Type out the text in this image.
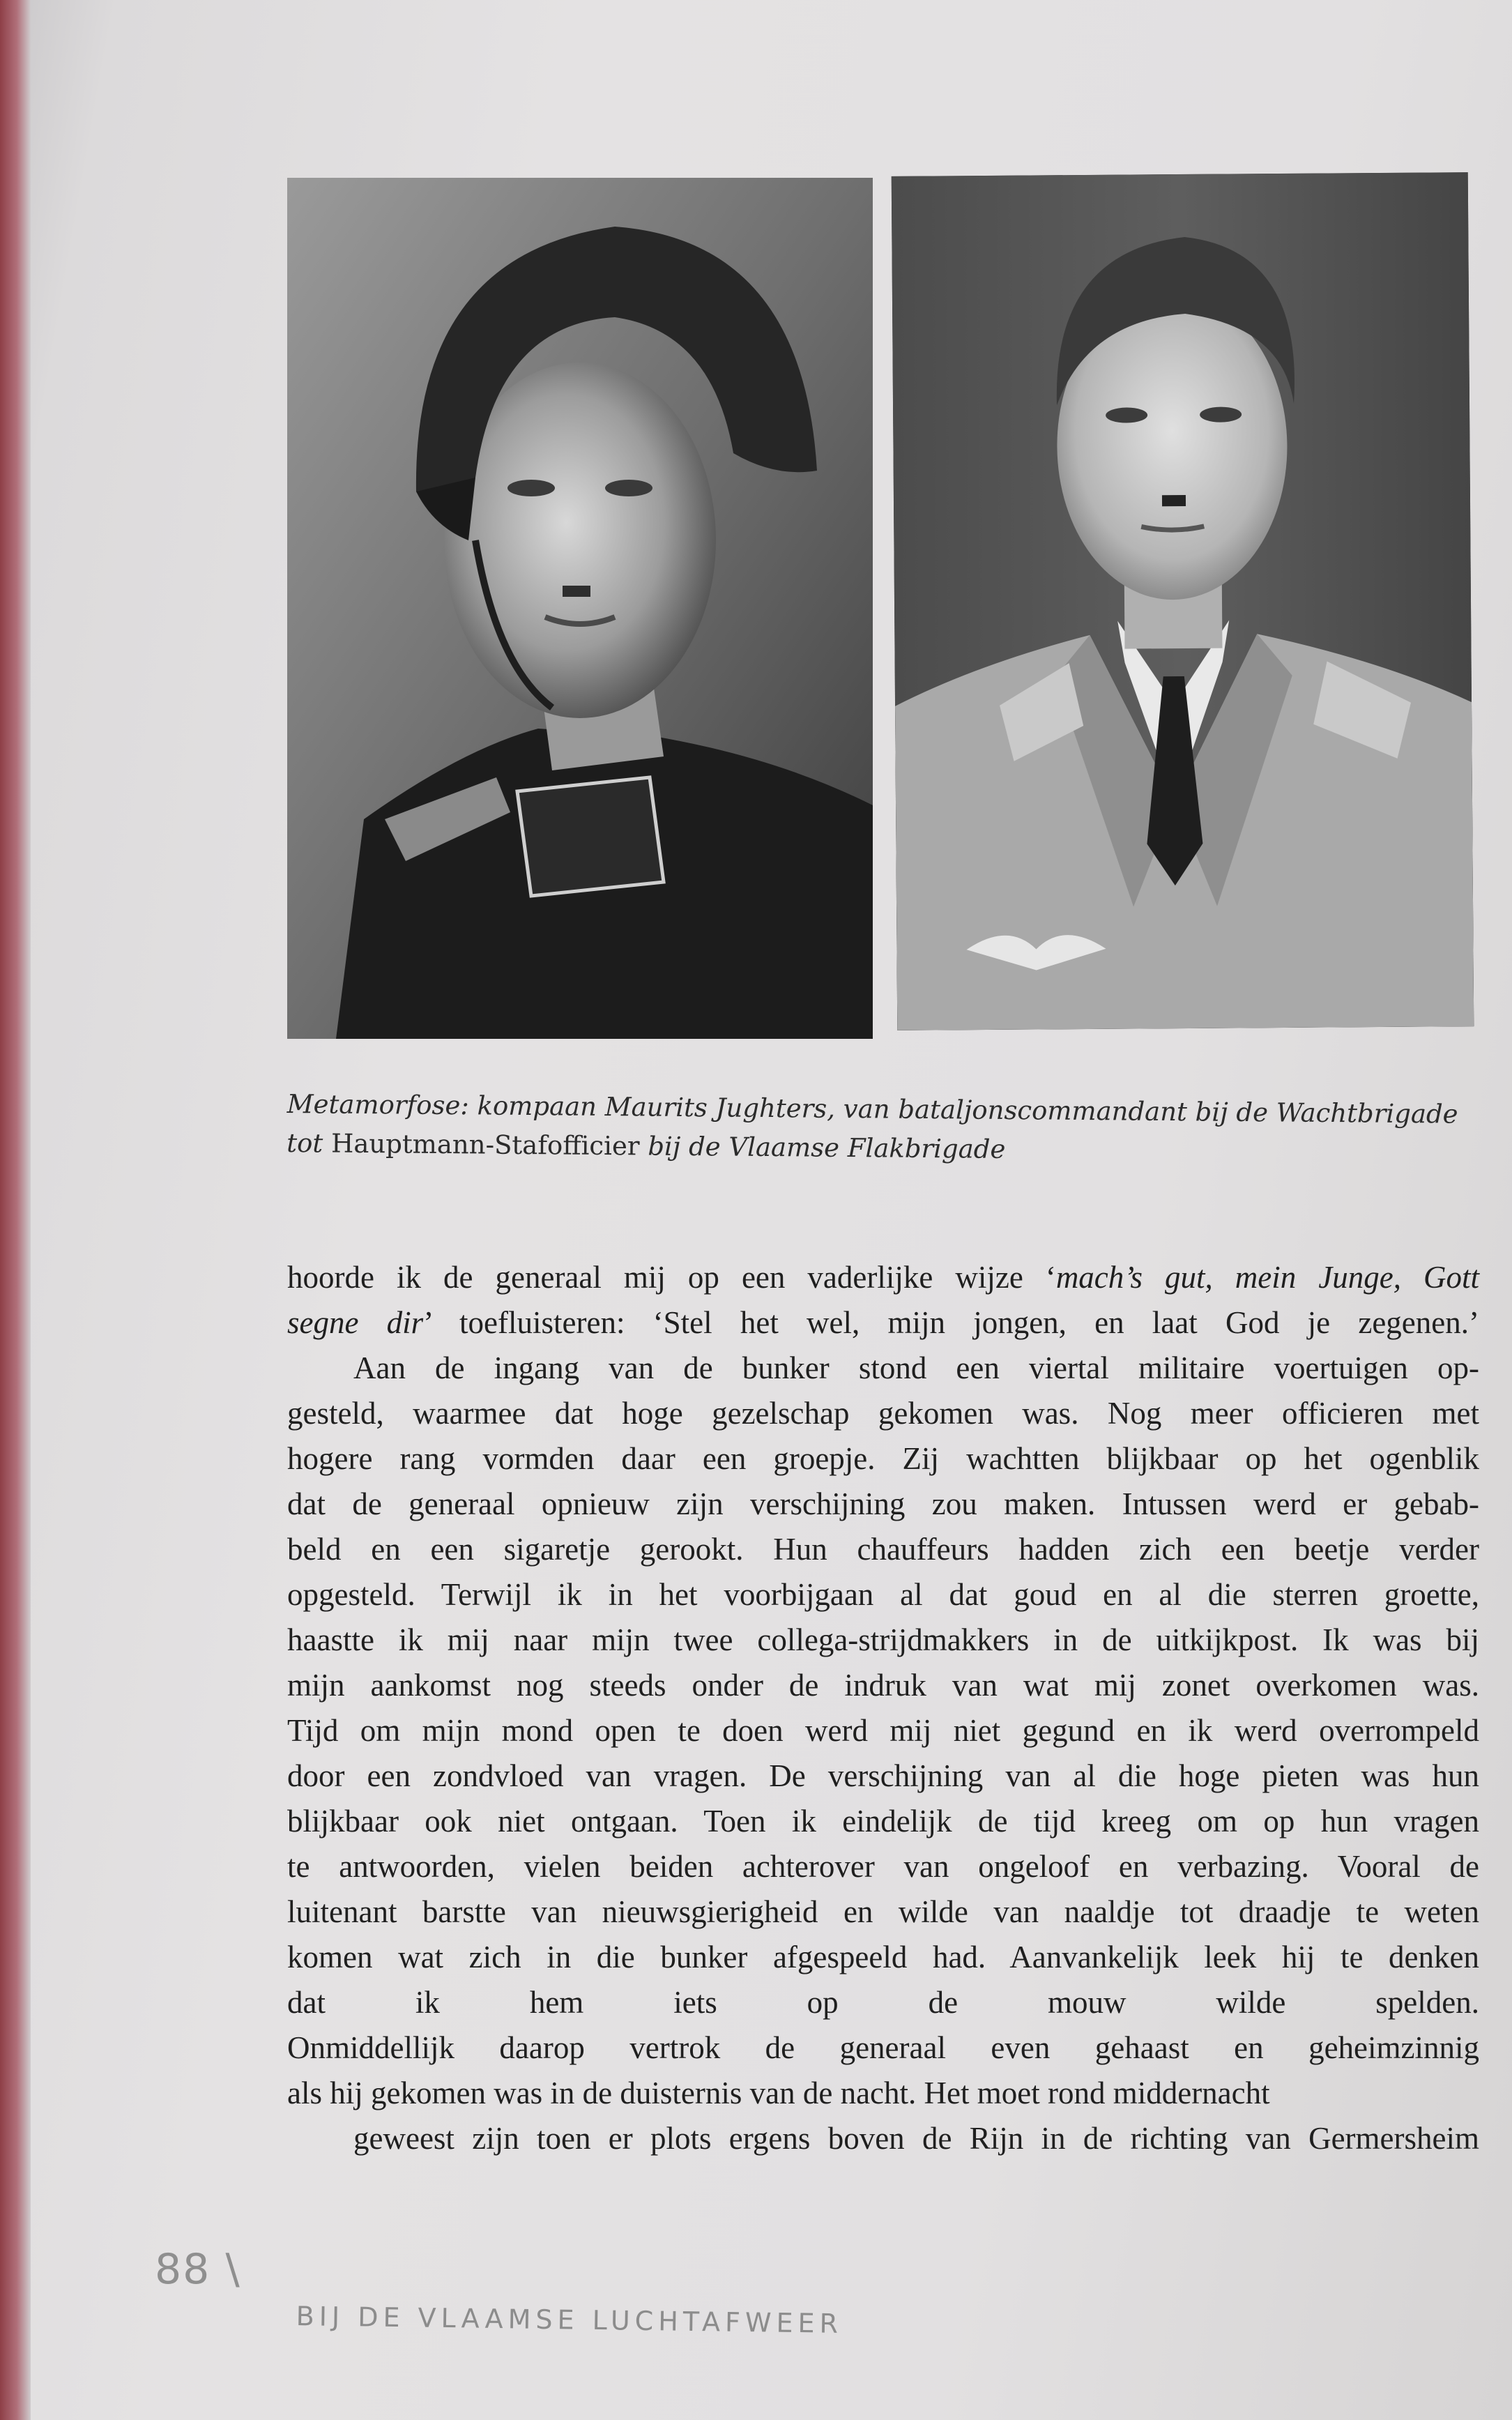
Metamorfose: kompaan Maurits Jughters, van bataljonscommandant bij de Wachtbrigade
tot Hauptmann-Stafofficier bij de Vlaamse Flakbrigade
hoorde ik de generaal mij op een vaderlijke wijze ‘mach’s gut, mein Junge, Gott
segne dir’ toefluisteren: ‘Stel het wel, mijn jongen, en laat God je zegenen.’
Aan de ingang van de bunker stond een viertal militaire voertuigen op-
gesteld, waarmee dat hoge gezelschap gekomen was. Nog meer officieren met
hogere rang vormden daar een groepje. Zij wachtten blijkbaar op het ogenblik
dat de generaal opnieuw zijn verschijning zou maken. Intussen werd er gebab-
beld en een sigaretje gerookt. Hun chauffeurs hadden zich een beetje verder
opgesteld. Terwijl ik in het voorbijgaan al dat goud en al die sterren groette,
haastte ik mij naar mijn twee collega-strijdmakkers in de uitkijkpost. Ik was bij
mijn aankomst nog steeds onder de indruk van wat mij zonet overkomen was.
Tijd om mijn mond open te doen werd mij niet gegund en ik werd overrompeld
door een zondvloed van vragen. De verschijning van al die hoge pieten was hun
blijkbaar ook niet ontgaan. Toen ik eindelijk de tijd kreeg om op hun vragen
te antwoorden, vielen beiden achterover van ongeloof en verbazing. Vooral de
luitenant barstte van nieuwsgierigheid en wilde van naaldje tot draadje te weten
komen wat zich in die bunker afgespeeld had. Aanvankelijk leek hij te denken
dat ik hem iets op de mouw wilde spelden.
Onmiddellijk daarop vertrok de generaal even gehaast en geheimzinnig
als hij gekomen was in de duisternis van de nacht. Het moet rond middernacht
geweest zijn toen er plots ergens boven de Rijn in de richting van Germersheim
88 \
BIJ DE VLAAMSE LUCHTAFWEER
